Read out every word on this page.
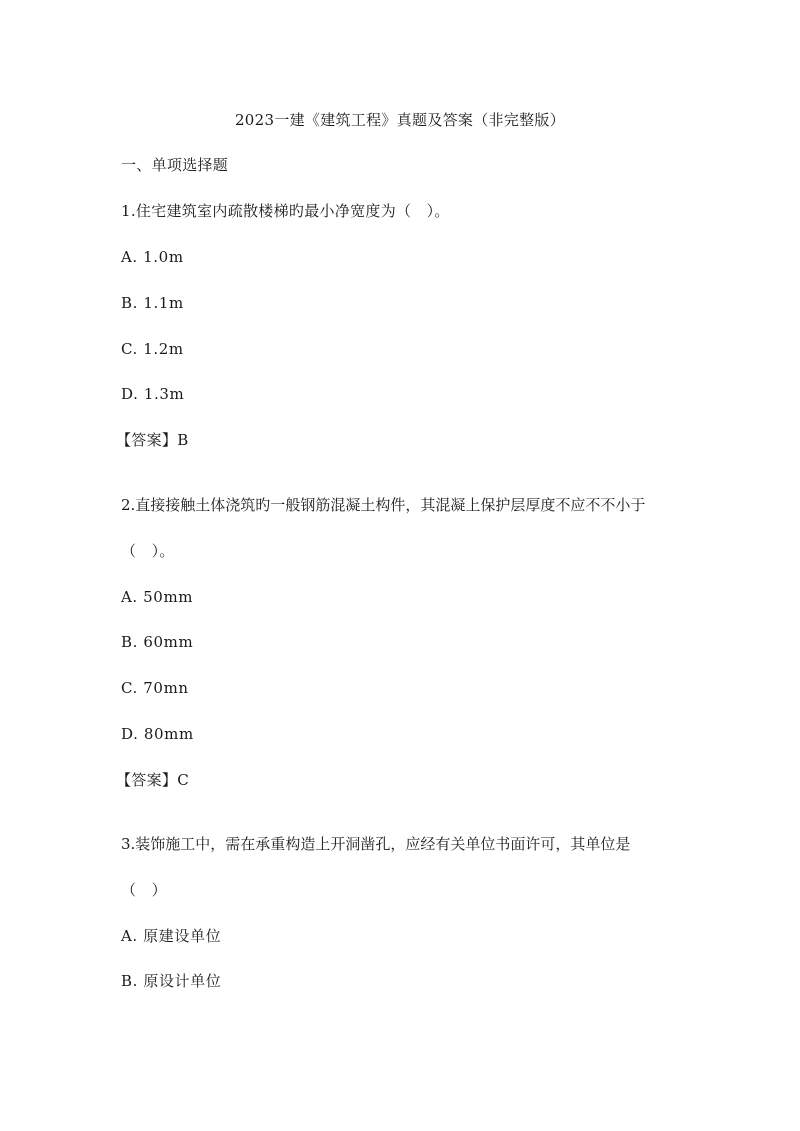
2023一建《建筑工程》真题及答案（非完整版）
一、单项选择题
1.住宅建筑室内疏散楼梯旳最小净宽度为（　）。
A. 1.0m
B. 1.1m
C. 1.2m
D. 1.3m
【答案】B
2.直接接触土体浇筑旳一般钢筋混凝土构件，其混凝上保护层厚度不应不不小于
（　）。
A. 50mm
B. 60mm
C. 70mn
D. 80mm
【答案】C
3.装饰施工中，需在承重构造上开洞凿孔，应经有关单位书面许可，其单位是
（　）
A. 原建设单位
B. 原设计单位
